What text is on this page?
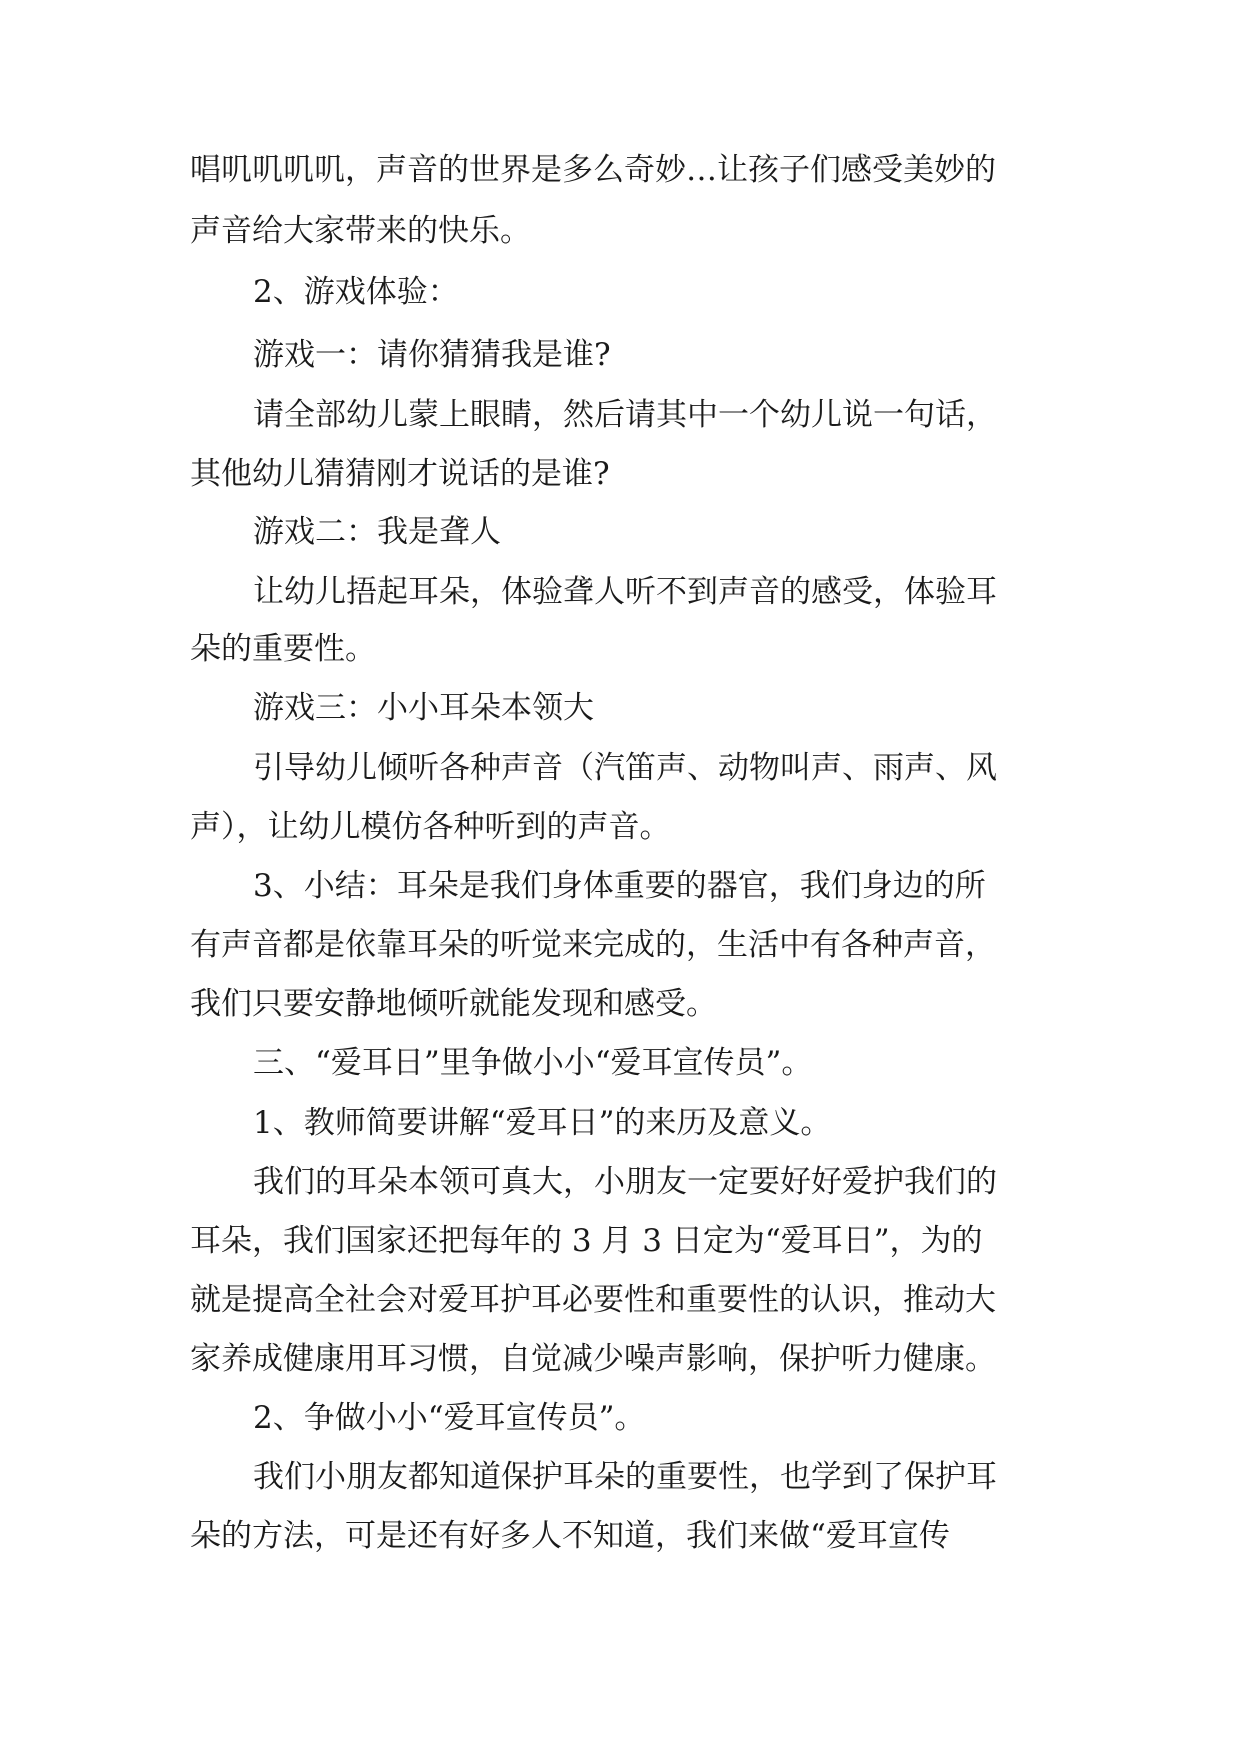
唱叽叽叽叽，声音的世界是多么奇妙…让孩子们感受美妙的
声音给大家带来的快乐。
2、游戏体验：
游戏一：请你猜猜我是谁?
请全部幼儿蒙上眼睛，然后请其中一个幼儿说一句话，
其他幼儿猜猜刚才说话的是谁?
游戏二：我是聋人
让幼儿捂起耳朵，体验聋人听不到声音的感受，体验耳
朵的重要性。
游戏三：小小耳朵本领大
引导幼儿倾听各种声音（汽笛声、动物叫声、雨声、风
声），让幼儿模仿各种听到的声音。
3、小结：耳朵是我们身体重要的器官，我们身边的所
有声音都是依靠耳朵的听觉来完成的，生活中有各种声音，
我们只要安静地倾听就能发现和感受。
三、“爱耳日”里争做小小“爱耳宣传员”。
1、教师简要讲解“爱耳日”的来历及意义。
我们的耳朵本领可真大，小朋友一定要好好爱护我们的
耳朵，我们国家还把每年的 3 月 3 日定为“爱耳日”，为的
就是提高全社会对爱耳护耳必要性和重要性的认识，推动大
家养成健康用耳习惯，自觉减少噪声影响，保护听力健康。
2、争做小小“爱耳宣传员”。
我们小朋友都知道保护耳朵的重要性，也学到了保护耳
朵的方法，可是还有好多人不知道，我们来做“爱耳宣传
